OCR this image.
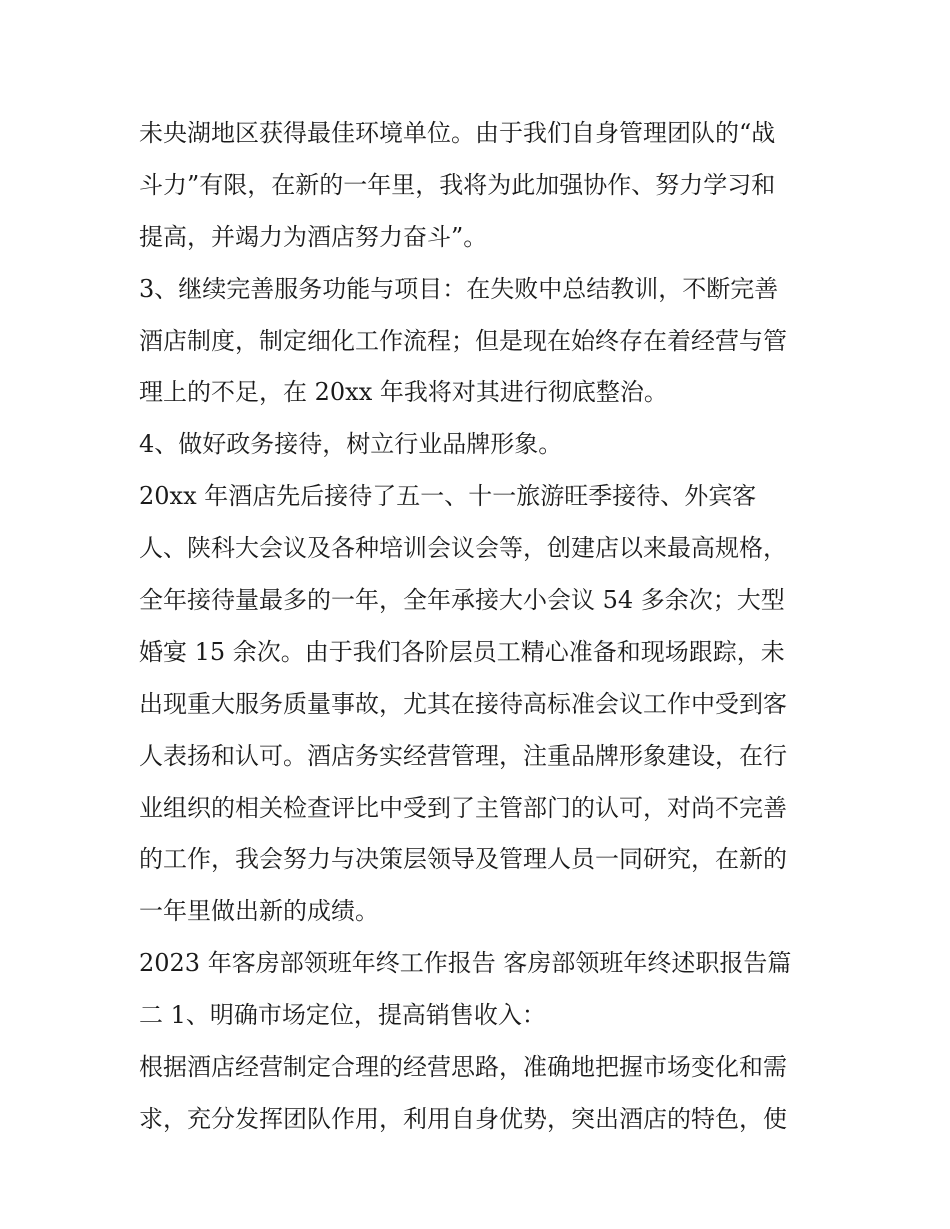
未央湖地区获得最佳环境单位。由于我们自身管理团队的“战
斗力”有限，在新的一年里，我将为此加强协作、努力学习和
提高，并竭力为酒店努力奋斗”。
3、继续完善服务功能与项目：在失败中总结教训，不断完善
酒店制度，制定细化工作流程；但是现在始终存在着经营与管
理上的不足，在 20xx 年我将对其进行彻底整治。
4、做好政务接待，树立行业品牌形象。
20xx 年酒店先后接待了五一、十一旅游旺季接待、外宾客
人、陕科大会议及各种培训会议会等，创建店以来最高规格，
全年接待量最多的一年，全年承接大小会议 54 多余次；大型
婚宴 15 余次。由于我们各阶层员工精心准备和现场跟踪，未
出现重大服务质量事故，尤其在接待高标准会议工作中受到客
人表扬和认可。酒店务实经营管理，注重品牌形象建设，在行
业组织的相关检查评比中受到了主管部门的认可，对尚不完善
的工作，我会努力与决策层领导及管理人员一同研究，在新的
一年里做出新的成绩。
2023 年客房部领班年终工作报告 客房部领班年终述职报告篇
二 1、明确市场定位，提高销售收入：
根据酒店经营制定合理的经营思路，准确地把握市场变化和需
求，充分发挥团队作用，利用自身优势，突出酒店的特色，使
